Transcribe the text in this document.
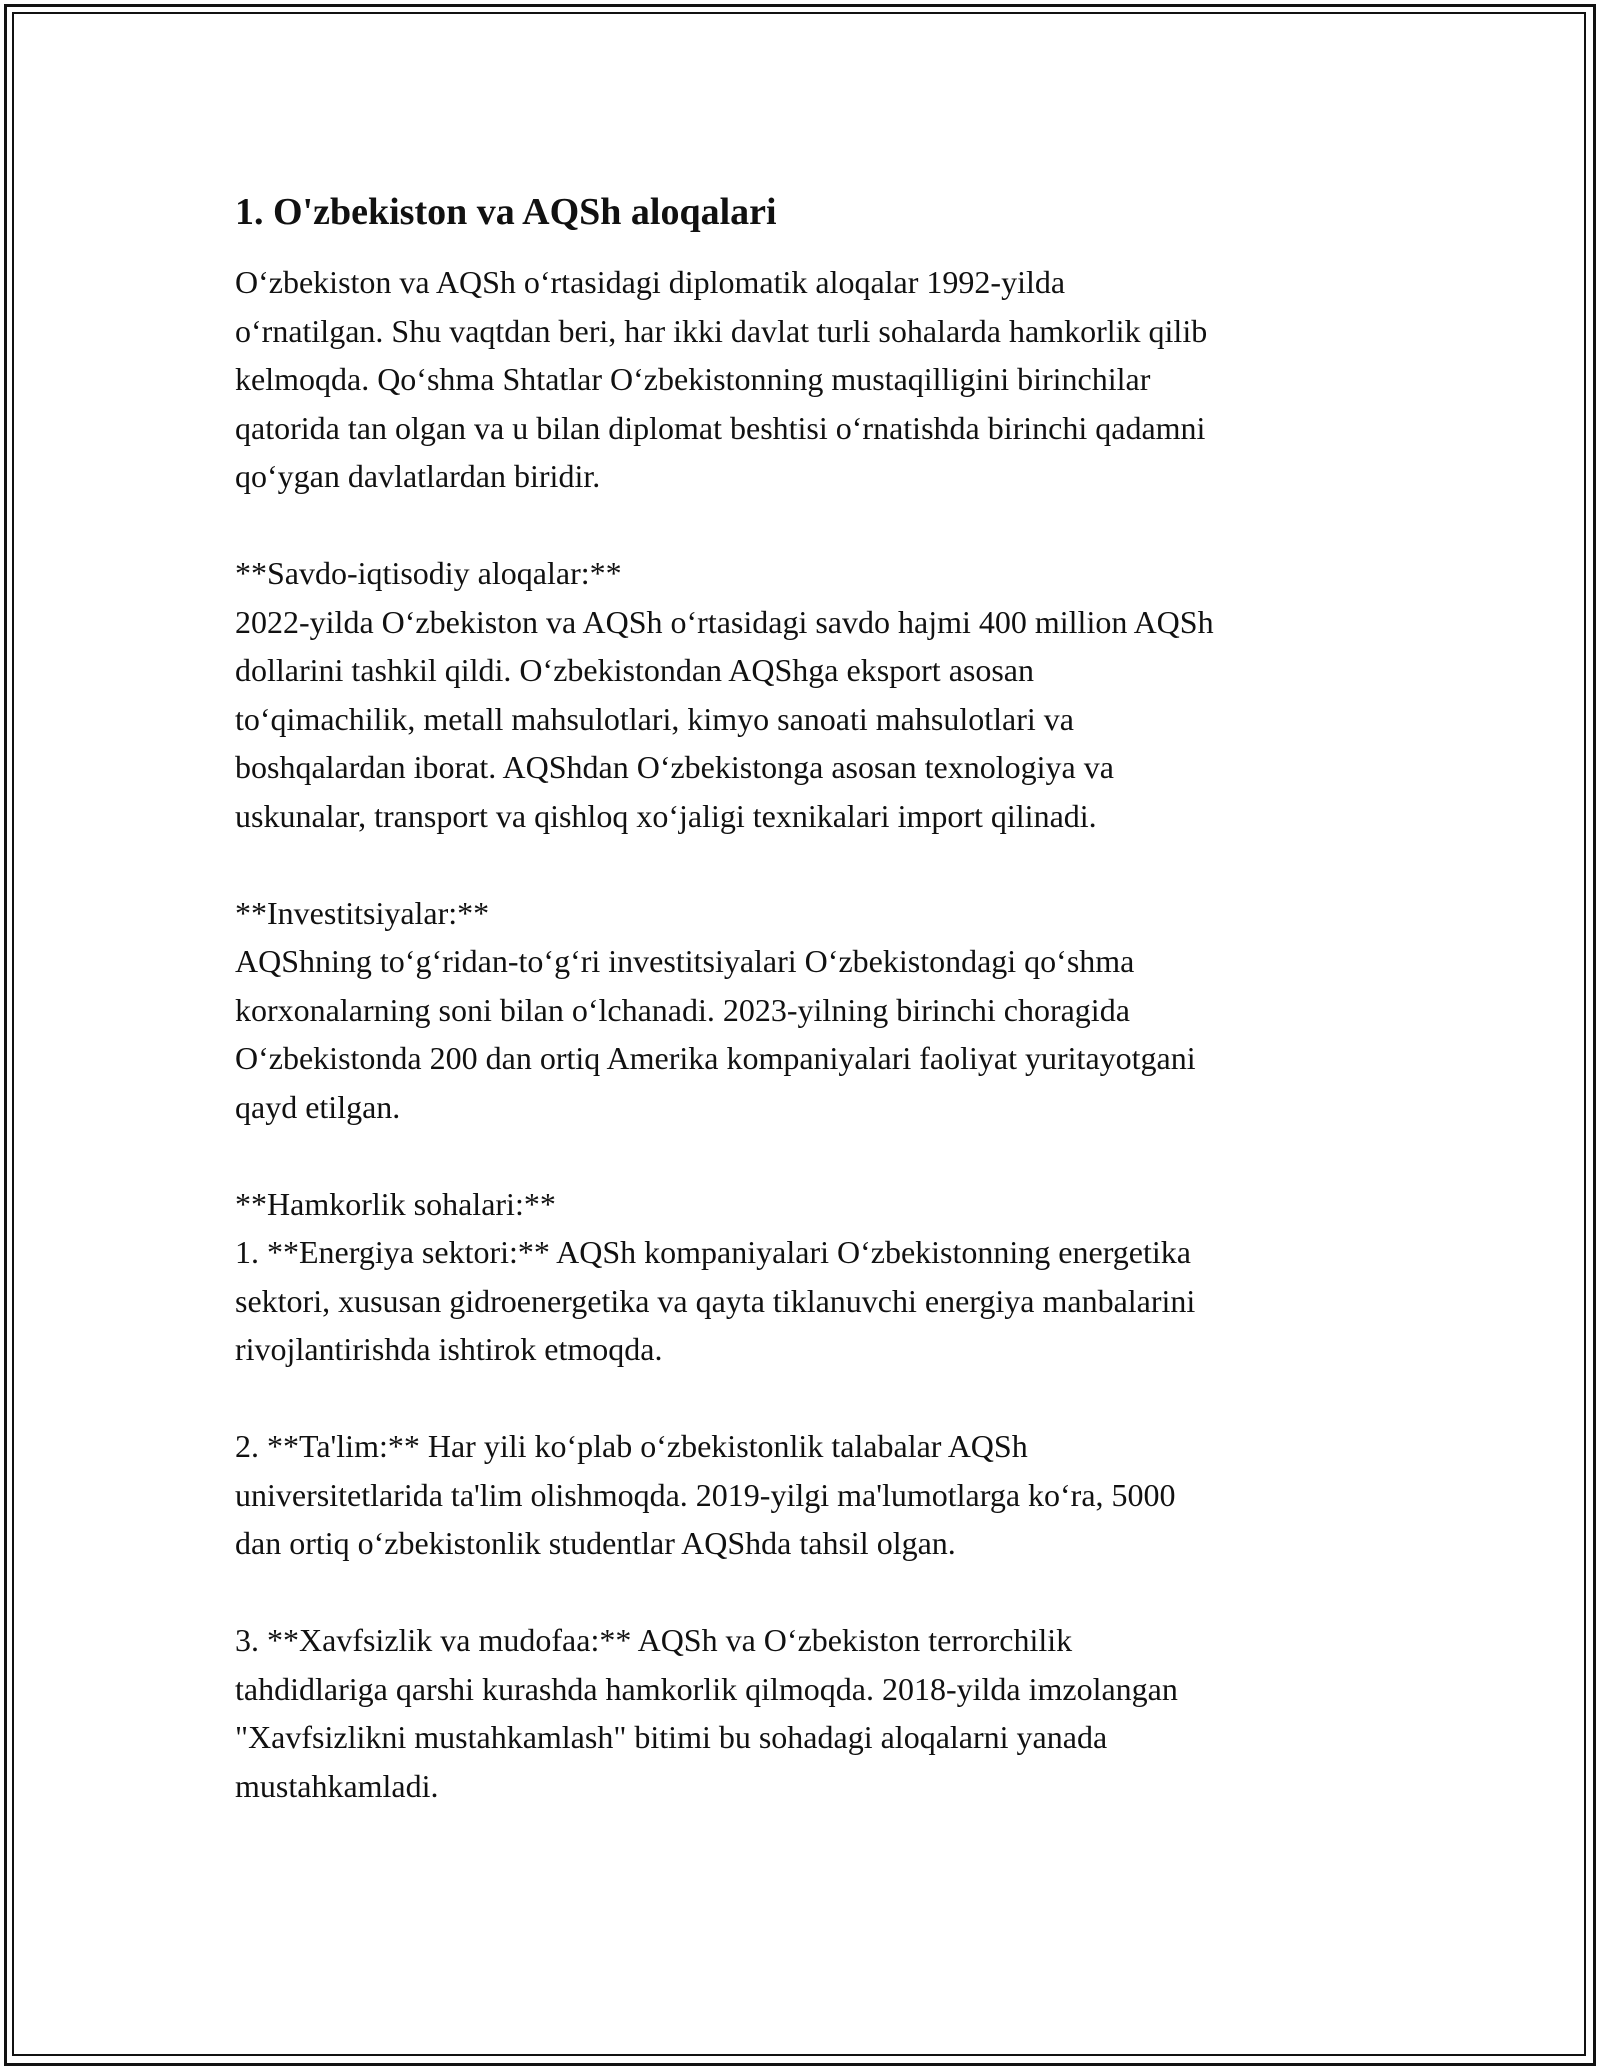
1. O'zbekiston va AQSh aloqalari

O‘zbekiston va AQSh o‘rtasidagi diplomatik aloqalar 1992-yilda
o‘rnatilgan. Shu vaqtdan beri, har ikki davlat turli sohalarda hamkorlik qilib
kelmoqda. Qo‘shma Shtatlar O‘zbekistonning mustaqilligini birinchilar
qatorida tan olgan va u bilan diplomat beshtisi o‘rnatishda birinchi qadamni
qo‘ygan davlatlardan biridir.

**Savdo-iqtisodiy aloqalar:**

2022-yilda O‘zbekiston va AQSh o‘rtasidagi savdo hajmi 400 million AQSh
dollarini tashkil qildi. O‘zbekistondan AQShga eksport asosan
to‘qimachilik, metall mahsulotlari, kimyo sanoati mahsulotlari va
boshqalardan iborat. AQShdan O‘zbekistonga asosan texnologiya va
uskunalar, transport va qishloq xo‘jaligi texnikalari import qilinadi.

**Investitsiyalar:**

AQShning to‘g‘ridan-to‘g‘ri investitsiyalari O‘zbekistondagi qo‘shma
korxonalarning soni bilan o‘lchanadi. 2023-yilning birinchi choragida
O‘zbekistonda 200 dan ortiq Amerika kompaniyalari faoliyat yuritayotgani
qayd etilgan.

**Hamkorlik sohalari:**

1. **Energiya sektori:** AQSh kompaniyalari O‘zbekistonning energetika
sektori, xususan gidroenergetika va qayta tiklanuvchi energiya manbalarini
rivojlantirishda ishtirok etmoqda.

2. **Ta'lim:** Har yili ko‘plab o‘zbekistonlik talabalar AQSh
universitetlarida ta'lim olishmoqda. 2019-yilgi ma'lumotlarga ko‘ra, 5000
dan ortiq o‘zbekistonlik studentlar AQShda tahsil olgan.

3. **Xavfsizlik va mudofaa:** AQSh va O‘zbekiston terrorchilik
tahdidlariga qarshi kurashda hamkorlik qilmoqda. 2018-yilda imzolangan
"Xavfsizlikni mustahkamlash" bitimi bu sohadagi aloqalarni yanada
mustahkamladi.
